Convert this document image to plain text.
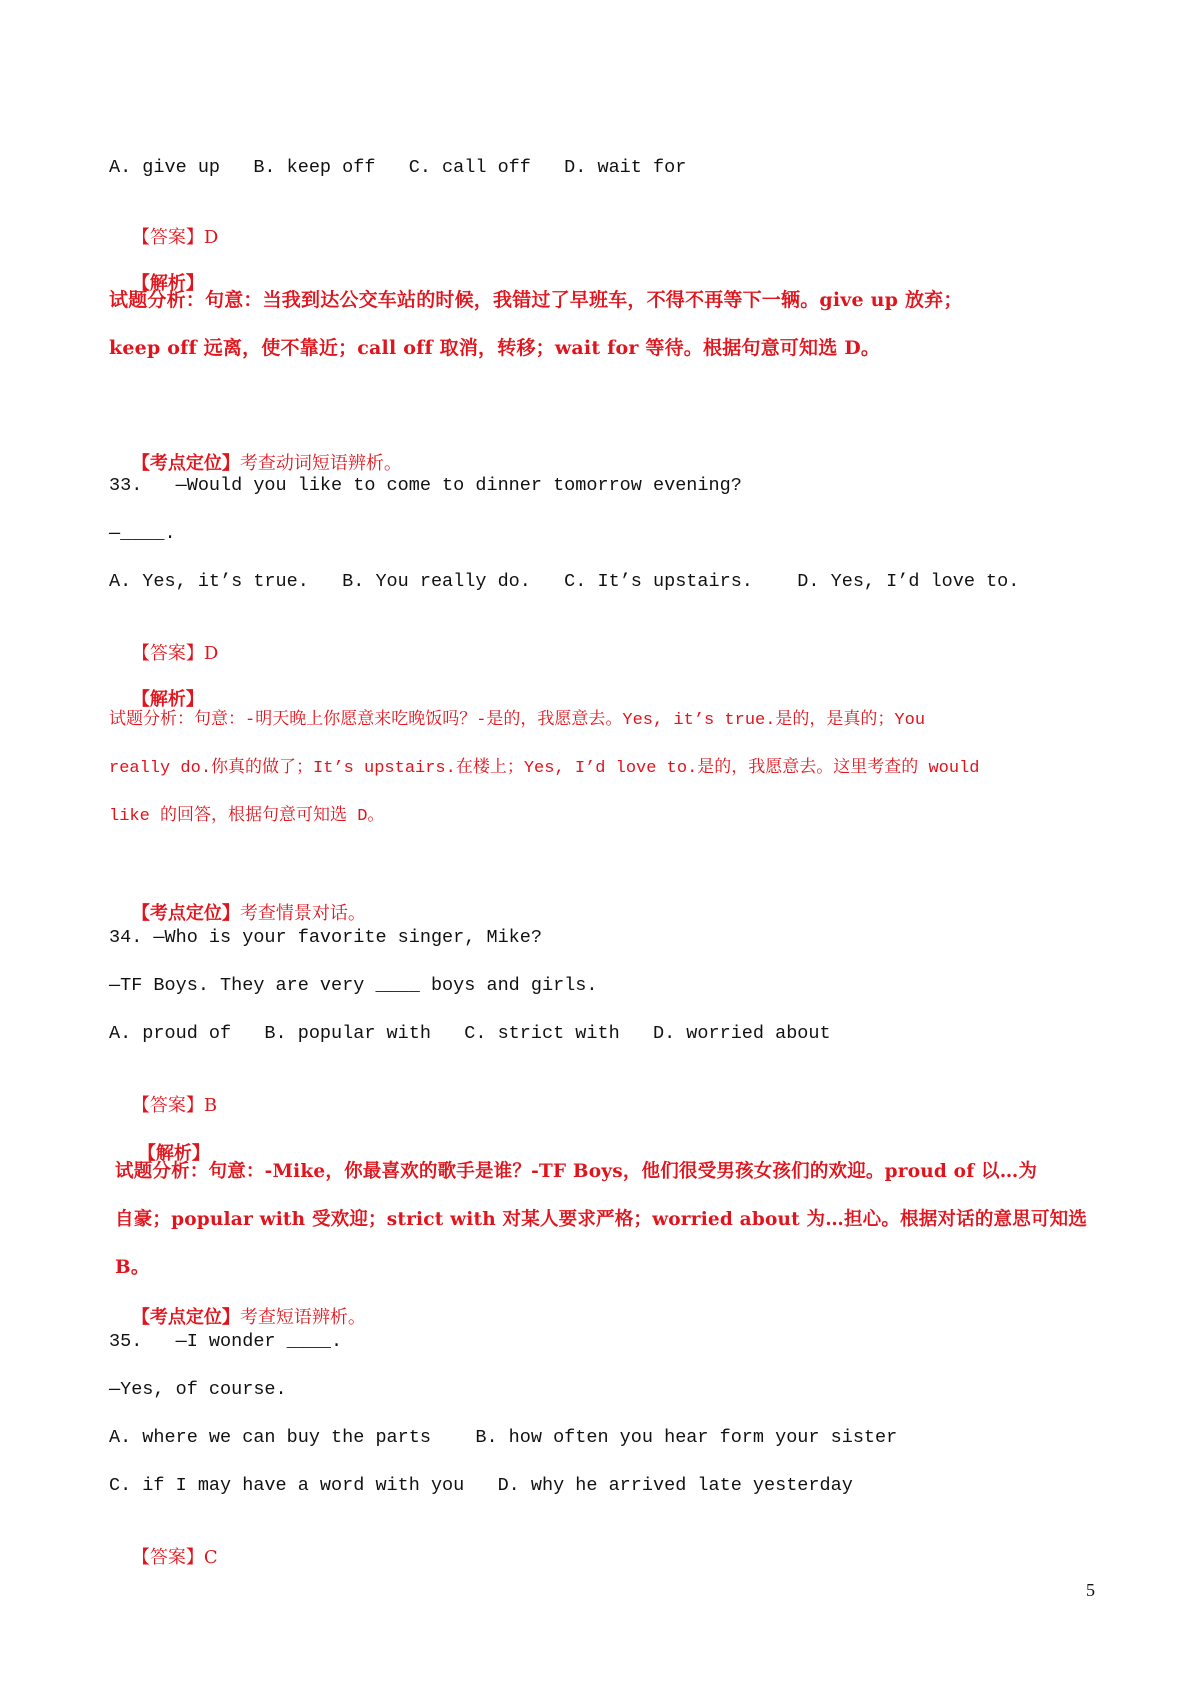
A. give up   B. keep off   C. call off   D. wait for

【答案】D

【解析】

试题分析：句意：当我到达公交车站的时候，我错过了早班车，不得不再等下一辆。give up 放弃；
keep off 远离，使不靠近；call off 取消，转移；wait for 等待。根据句意可知选 D。

【考点定位】考查动词短语辨析。

33.   —Would you like to come to dinner tomorrow evening?
—____.
A. Yes, it’s true.   B. You really do.   C. It’s upstairs.    D. Yes, I’d love to.

【答案】D

【解析】

试题分析：句意：-明天晚上你愿意来吃晚饭吗？-是的，我愿意去。Yes, it’s true.是的，是真的；You
really do.你真的做了；It’s upstairs.在楼上；Yes, I’d love to.是的，我愿意去。这里考查的 would
like 的回答，根据句意可知选 D。

【考点定位】考查情景对话。

34. —Who is your favorite singer, Mike?
—TF Boys. They are very ____ boys and girls.
A. proud of   B. popular with   C. strict with   D. worried about

【答案】B

【解析】

试题分析：句意：-Mike，你最喜欢的歌手是谁？-TF Boys，他们很受男孩女孩们的欢迎。proud of 以…为
自豪；popular with 受欢迎；strict with 对某人要求严格；worried about 为…担心。根据对话的意思可知选 B。

【考点定位】考查短语辨析。

35.   —I wonder ____.
—Yes, of course.
A. where we can buy the parts    B. how often you hear form your sister
C. if I may have a word with you   D. why he arrived late yesterday

【答案】C

5
